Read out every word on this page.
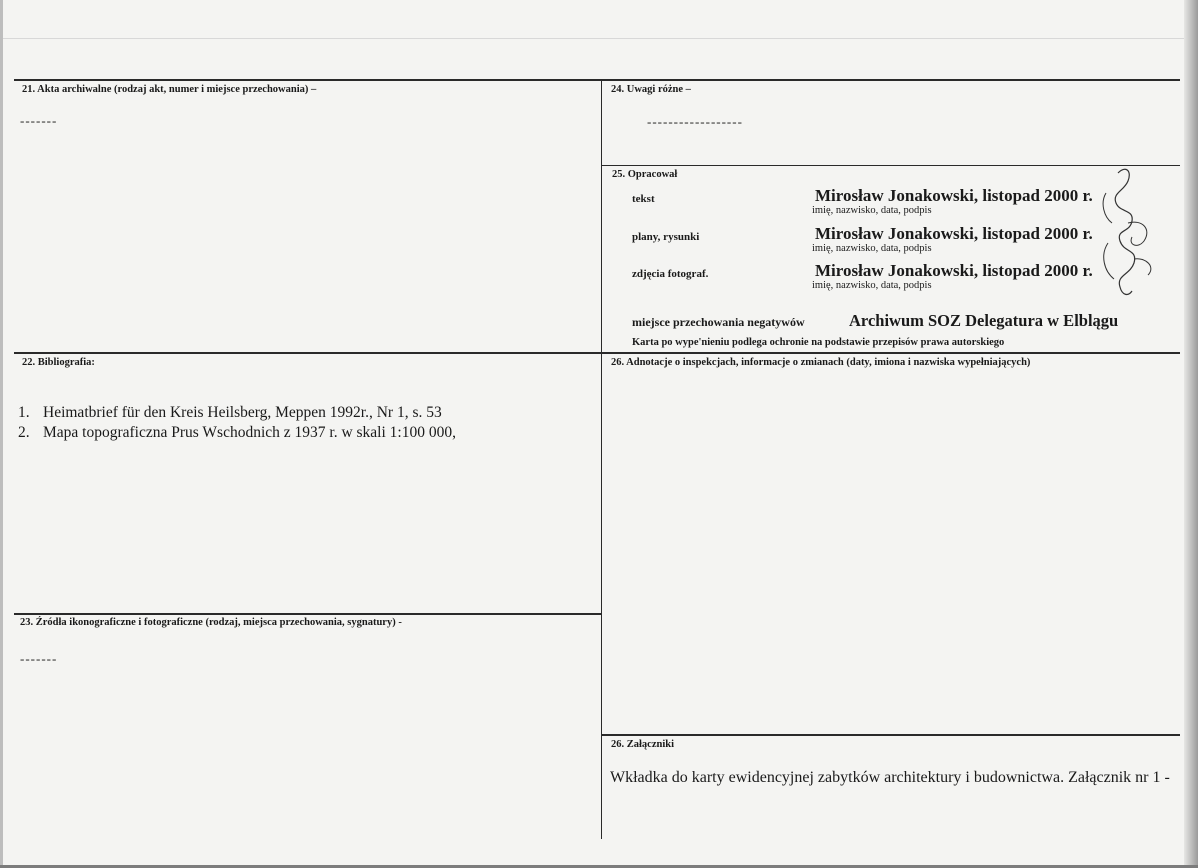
21. Akta archiwalne (rodzaj akt, numer i miejsce przechowania) –
-------
24. Uwagi różne –
------------------
25. Opracował
tekst	Mirosław Jonakowski, listopad 2000 r.
imię, nazwisko, data, podpis
plany, rysunki	Mirosław Jonakowski, listopad 2000 r.
imię, nazwisko, data, podpis
zdjęcia fotograf.	Mirosław Jonakowski, listopad 2000 r.
imię, nazwisko, data, podpis
miejsce przechowania negatywów	Archiwum SOZ Delegatura w Elblągu
Karta po wype'nieniu podlega ochronie na podstawie przepisów prawa autorskiego
22. Bibliografia:
1. Heimatbrief für den Kreis Heilsberg, Meppen 1992r., Nr 1, s. 53
2. Mapa topograficzna Prus Wschodnich z 1937 r. w skali 1:100 000,
26. Adnotacje o inspekcjach, informacje o zmianach (daty, imiona i nazwiska wypełniających)
23. Źródła ikonograficzne i fotograficzne (rodzaj, miejsca przechowania, sygnatury) -
-------
26. Załączniki
Wkładka do karty ewidencyjnej zabytków architektury i budownictwa. Załącznik nr 1 -
